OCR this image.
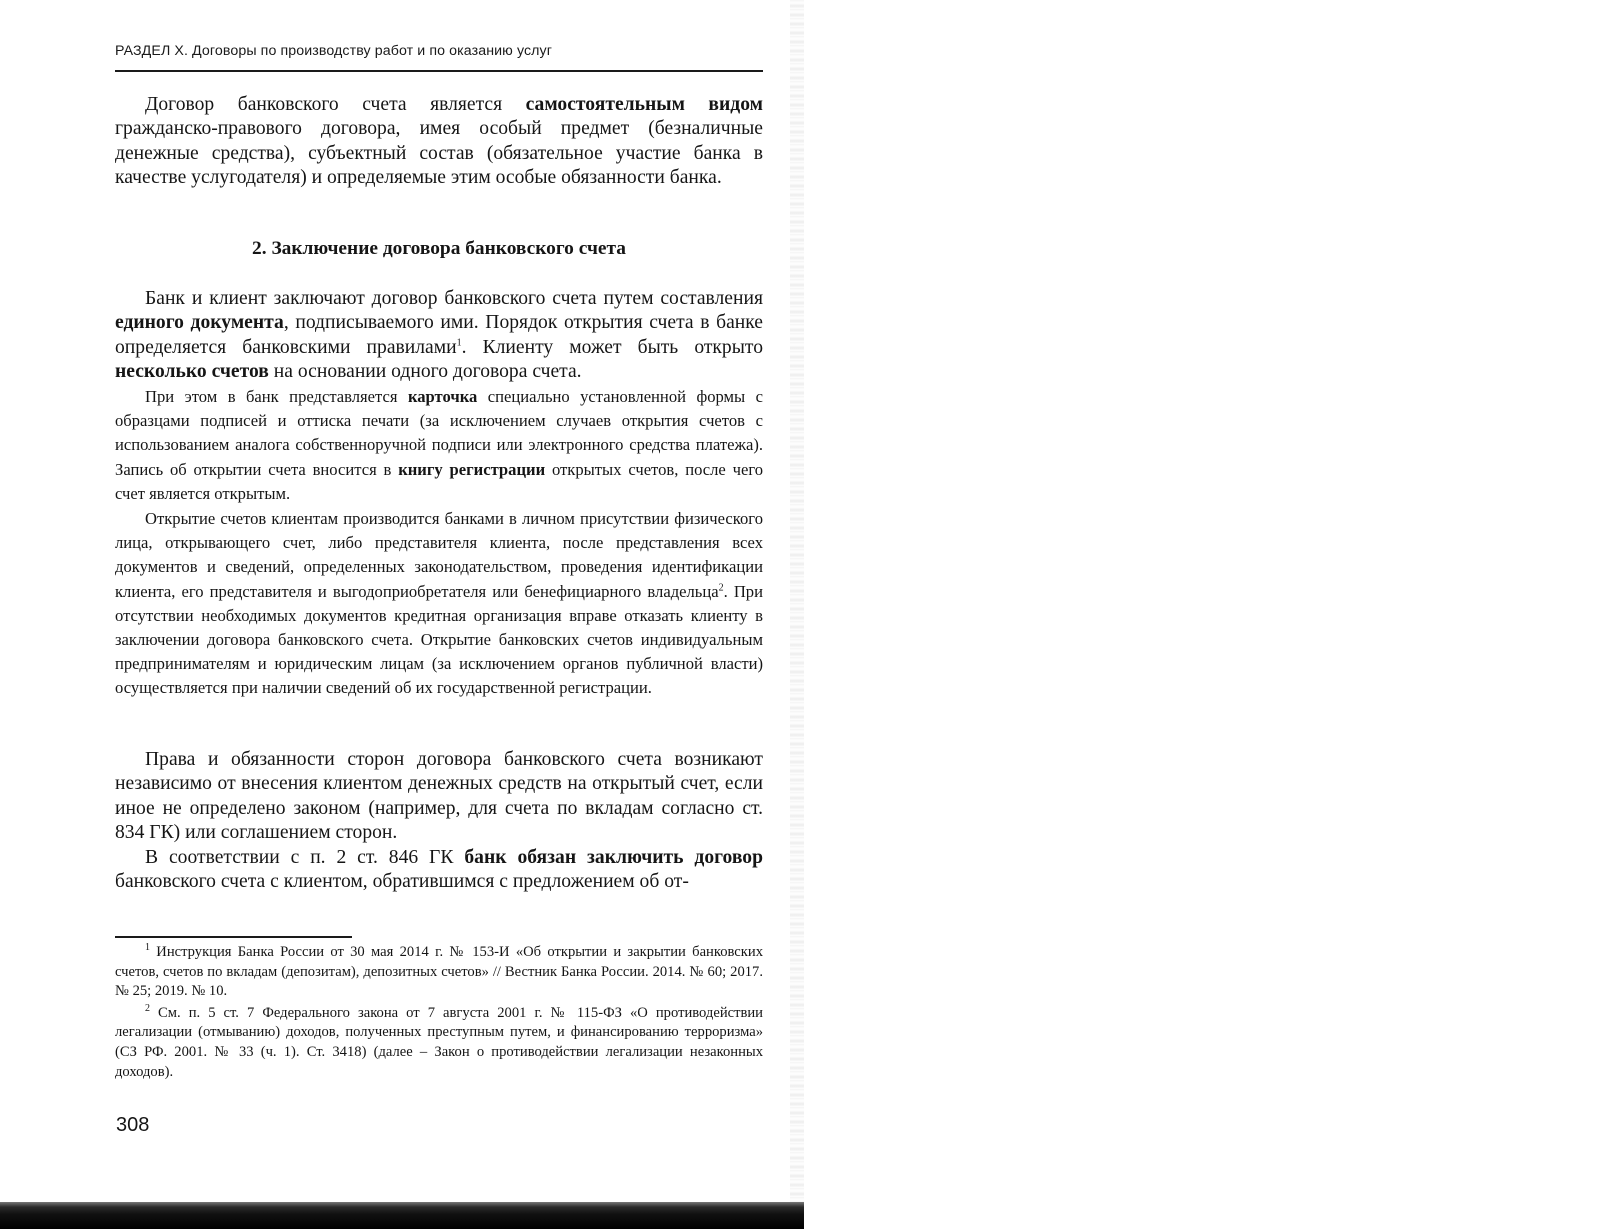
РАЗДЕЛ X. Договоры по производству работ и по оказанию услуг

Договор банковского счета является самостоятельным видом гражданско-правового договора, имея особый предмет (безналичные денежные средства), субъектный состав (обязательное участие банка в качестве услугодателя) и определяемые этим особые обязанности банка.

2. Заключение договора банковского счета

Банк и клиент заключают договор банковского счета путем составления единого документа, подписываемого ими. Порядок открытия счета в банке определяется банковскими правилами$^1$. Клиенту может быть открыто несколько счетов на основании одного договора счета.

При этом в банк представляется карточка специально установленной формы с образцами подписей и оттиска печати (за исключением случаев открытия счетов с использованием аналога собственноручной подписи или электронного средства платежа). Запись об открытии счета вносится в книгу регистрации открытых счетов, после чего счет является открытым.

Открытие счетов клиентам производится банками в личном присутствии физического лица, открывающего счет, либо представителя клиента, после представления всех документов и сведений, определенных законодательством, проведения идентификации клиента, его представителя и выгодоприобретателя или бенефициарного владельца$^2$. При отсутствии необходимых документов кредитная организация вправе отказать клиенту в заключении договора банковского счета. Открытие банковских счетов индивидуальным предпринимателям и юридическим лицам (за исключением органов публичной власти) осуществляется при наличии сведений об их государственной регистрации.

Права и обязанности сторон договора банковского счета возникают независимо от внесения клиентом денежных средств на открытый счет, если иное не определено законом (например, для счета по вкладам согласно ст. 834 ГК) или соглашением сторон.

В соответствии с п. 2 ст. 846 ГК банк обязан заключить договор банковского счета с клиентом, обратившимся с предложением об от-

$^1$ Инструкция Банка России от 30 мая 2014 г. № 153-И «Об открытии и закрытии банковских счетов, счетов по вкладам (депозитам), депозитных счетов» // Вестник Банка России. 2014. № 60; 2017. № 25; 2019. № 10.

$^2$ См. п. 5 ст. 7 Федерального закона от 7 августа 2001 г. № 115-ФЗ «О противодействии легализации (отмыванию) доходов, полученных преступным путем, и финансированию терроризма» (СЗ РФ. 2001. № 33 (ч. 1). Ст. 3418) (далее – Закон о противодействии легализации незаконных доходов).

308
